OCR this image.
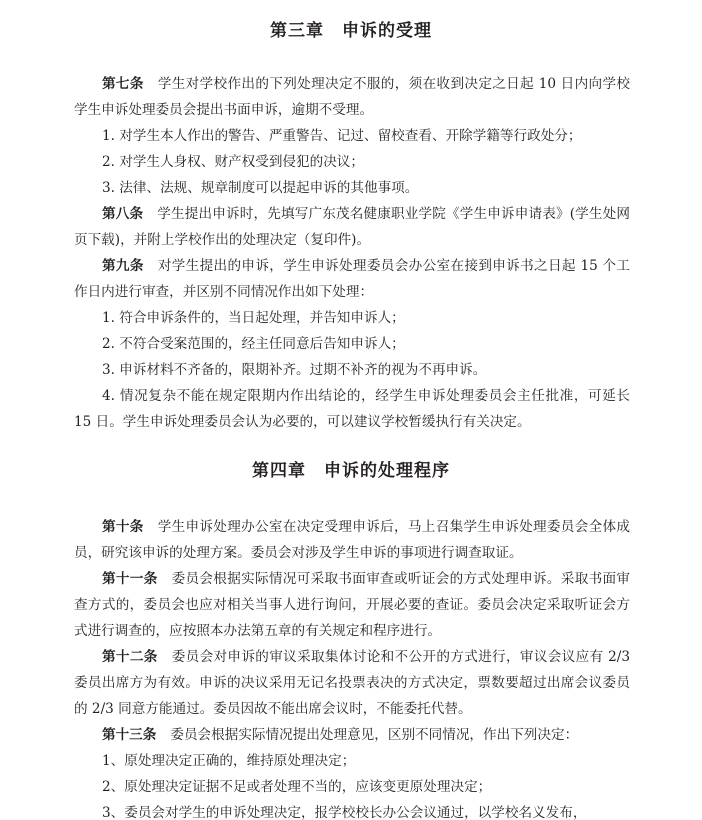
第三章　申诉的受理

第七条 学生对学校作出的下列处理决定不服的，须在收到决定之日起 10 日内向学校学生申诉处理委员会提出书面申诉，逾期不受理。

1. 对学生本人作出的警告、严重警告、记过、留校查看、开除学籍等行政处分；

2. 对学生人身权、财产权受到侵犯的决议；

3. 法律、法规、规章制度可以提起申诉的其他事项。

第八条 学生提出申诉时，先填写广东茂名健康职业学院《学生申诉申请表》(学生处网页下载)，并附上学校作出的处理决定（复印件)。

第九条 对学生提出的申诉，学生申诉处理委员会办公室在接到申诉书之日起 15 个工作日内进行审查，并区别不同情况作出如下处理：

1. 符合申诉条件的，当日起处理，并告知申诉人；

2. 不符合受案范围的，经主任同意后告知申诉人；

3. 申诉材料不齐备的，限期补齐。过期不补齐的视为不再申诉。

4. 情况复杂不能在规定限期内作出结论的，经学生申诉处理委员会主任批准，可延长 15 日。学生申诉处理委员会认为必要的，可以建议学校暂缓执行有关决定。

第四章　申诉的处理程序

第十条 学生申诉处理办公室在决定受理申诉后，马上召集学生申诉处理委员会全体成员，研究该申诉的处理方案。委员会对涉及学生申诉的事项进行调查取证。

第十一条 委员会根据实际情况可采取书面审查或听证会的方式处理申诉。采取书面审查方式的，委员会也应对相关当事人进行询问，开展必要的查证。委员会决定采取听证会方式进行调查的，应按照本办法第五章的有关规定和程序进行。

第十二条 委员会对申诉的审议采取集体讨论和不公开的方式进行，审议会议应有 2/3 委员出席方为有效。申诉的决议采用无记名投票表决的方式决定，票数要超过出席会议委员的 2/3 同意方能通过。委员因故不能出席会议时，不能委托代替。

第十三条 委员会根据实际情况提出处理意见，区别不同情况，作出下列决定：

1、原处理决定正确的，维持原处理决定；

2、原处理决定证据不足或者处理不当的，应该变更原处理决定；

3、委员会对学生的申诉处理决定，报学校校长办公会议通过，以学校名义发布，
